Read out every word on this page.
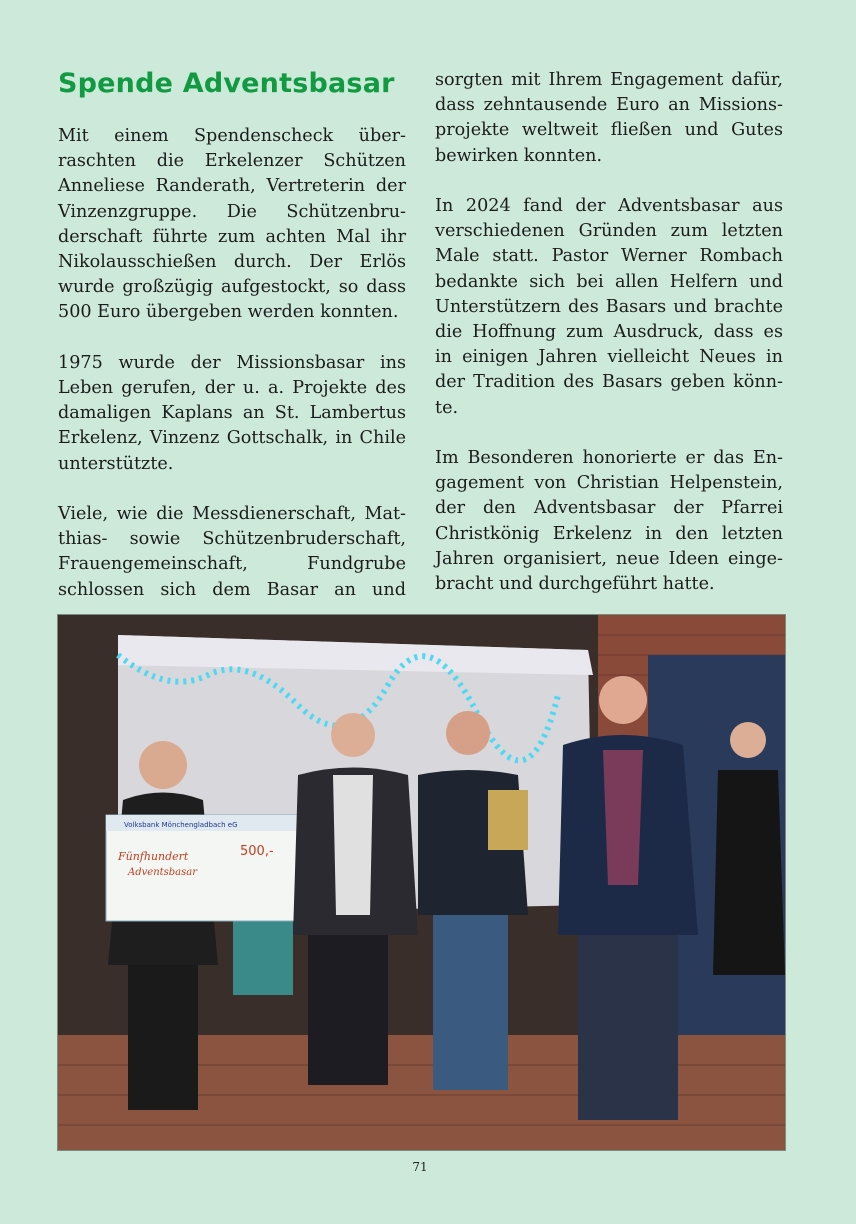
Spende Adventsbasar

Mit einem Spendenscheck überraschten die Erkelenzer Schützen Anneliese Randerath, Vertreterin der Vinzenzgruppe. Die Schützenbruderschaft führte zum achten Mal ihr Nikolausschießen durch. Der Erlös wurde großzügig aufgestockt, so dass 500 Euro übergeben werden konnten.

1975 wurde der Missionsbasar ins Leben gerufen, der u. a. Projekte des damaligen Kaplans an St. Lambertus Erkelenz, Vinzenz Gottschalk, in Chile unterstützte.

Viele, wie die Messdienerschaft, Matthias- sowie Schützenbruderschaft, Frauengemeinschaft, Fundgrube schlossen sich dem Basar an und

sorgten mit Ihrem Engagement dafür, dass zehntausende Euro an Missionsprojekte weltweit fließen und Gutes bewirken konnten.

In 2024 fand der Adventsbasar aus verschiedenen Gründen zum letzten Male statt. Pastor Werner Rombach bedankte sich bei allen Helfern und Unterstützern des Basars und brachte die Hoffnung zum Ausdruck, dass es in einigen Jahren vielleicht Neues in der Tradition des Basars geben könnte.

Im Besonderen honorierte er das Engagement von Christian Helpenstein, der den Adventsbasar der Pfarrei Christkönig Erkelenz in den letzten Jahren organisiert, neue Ideen eingebracht und durchgeführt hatte.

Volksbank Mönchengladbach eG
500,-
Fünfhundert
Adventsbasar
71
